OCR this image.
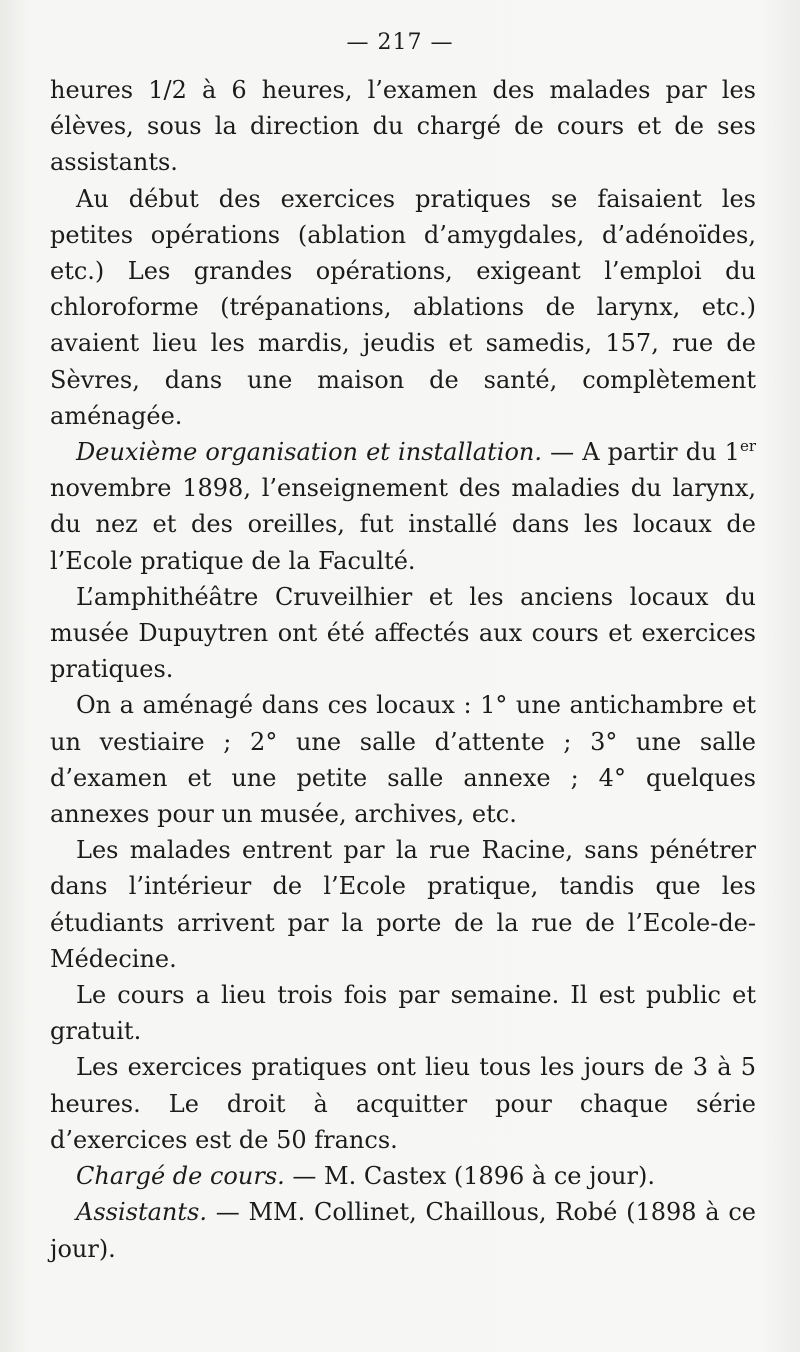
— 217 —

heures 1/2 à 6 heures, l’examen des malades par les élèves, sous la direction du chargé de cours et de ses assistants.

Au début des exercices pratiques se faisaient les petites opérations (ablation d’amygdales, d’adénoïdes, etc.) Les grandes opérations, exigeant l’emploi du chloroforme (trépanations, ablations de larynx, etc.) avaient lieu les mardis, jeudis et samedis, 157, rue de Sèvres, dans une maison de santé, complètement aménagée.

Deuxième organisation et installation. — A partir du 1er novembre 1898, l’enseignement des maladies du larynx, du nez et des oreilles, fut installé dans les locaux de l’Ecole pratique de la Faculté.

L’amphithéâtre Cruveilhier et les anciens locaux du musée Dupuytren ont été affectés aux cours et exercices pratiques.

On a aménagé dans ces locaux : 1° une antichambre et un vestiaire ; 2° une salle d’attente ; 3° une salle d’examen et une petite salle annexe ; 4° quelques annexes pour un musée, archives, etc.

Les malades entrent par la rue Racine, sans pénétrer dans l’intérieur de l’Ecole pratique, tandis que les étudiants arrivent par la porte de la rue de l’Ecole-de-Médecine.

Le cours a lieu trois fois par semaine. Il est public et gratuit.

Les exercices pratiques ont lieu tous les jours de 3 à 5 heures. Le droit à acquitter pour chaque série d’exercices est de 50 francs.

Chargé de cours. — M. Castex (1896 à ce jour).

Assistants. — MM. Collinet, Chaillous, Robé (1898 à ce jour).
